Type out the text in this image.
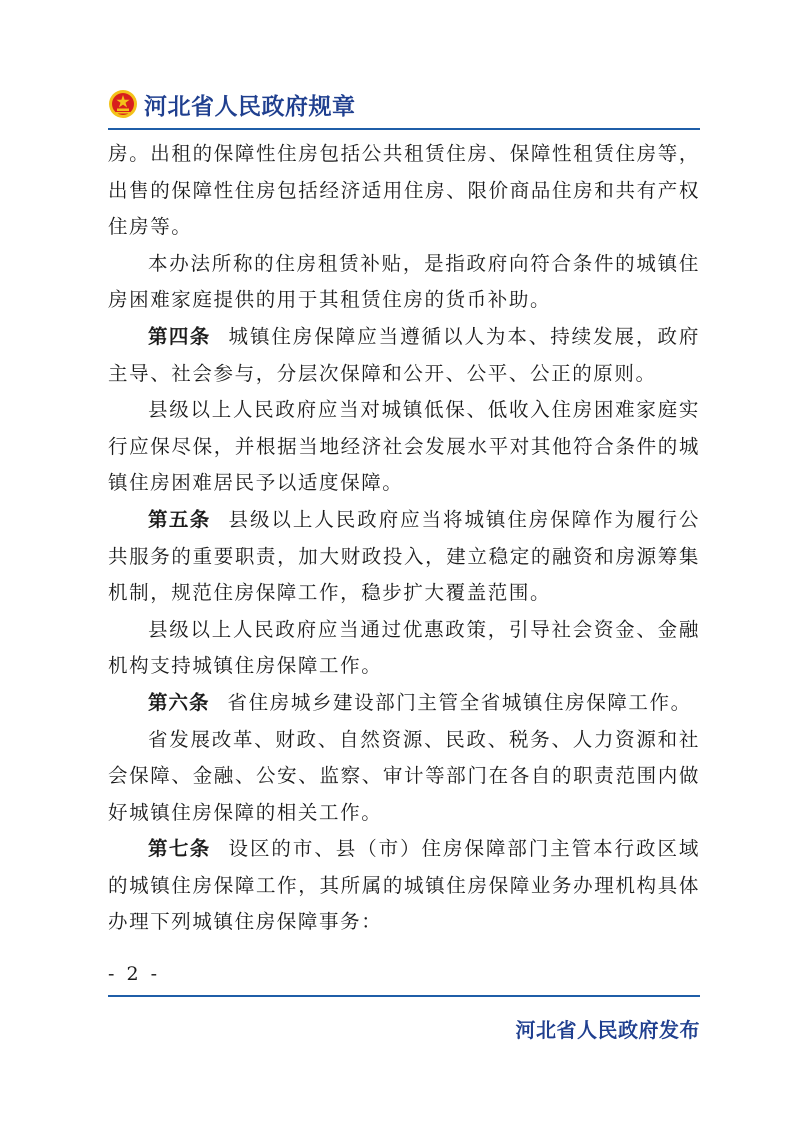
河北省人民政府规章

房。出租的保障性住房包括公共租赁住房、保障性租赁住房等，出售的保障性住房包括经济适用住房、限价商品住房和共有产权住房等。

本办法所称的住房租赁补贴，是指政府向符合条件的城镇住房困难家庭提供的用于其租赁住房的货币补助。

第四条 城镇住房保障应当遵循以人为本、持续发展，政府主导、社会参与，分层次保障和公开、公平、公正的原则。

县级以上人民政府应当对城镇低保、低收入住房困难家庭实行应保尽保，并根据当地经济社会发展水平对其他符合条件的城镇住房困难居民予以适度保障。

第五条 县级以上人民政府应当将城镇住房保障作为履行公共服务的重要职责，加大财政投入，建立稳定的融资和房源筹集机制，规范住房保障工作，稳步扩大覆盖范围。

县级以上人民政府应当通过优惠政策，引导社会资金、金融机构支持城镇住房保障工作。

第六条 省住房城乡建设部门主管全省城镇住房保障工作。

省发展改革、财政、自然资源、民政、税务、人力资源和社会保障、金融、公安、监察、审计等部门在各自的职责范围内做好城镇住房保障的相关工作。

第七条 设区的市、县（市）住房保障部门主管本行政区域的城镇住房保障工作，其所属的城镇住房保障业务办理机构具体办理下列城镇住房保障事务：

- 2 -
河北省人民政府发布
